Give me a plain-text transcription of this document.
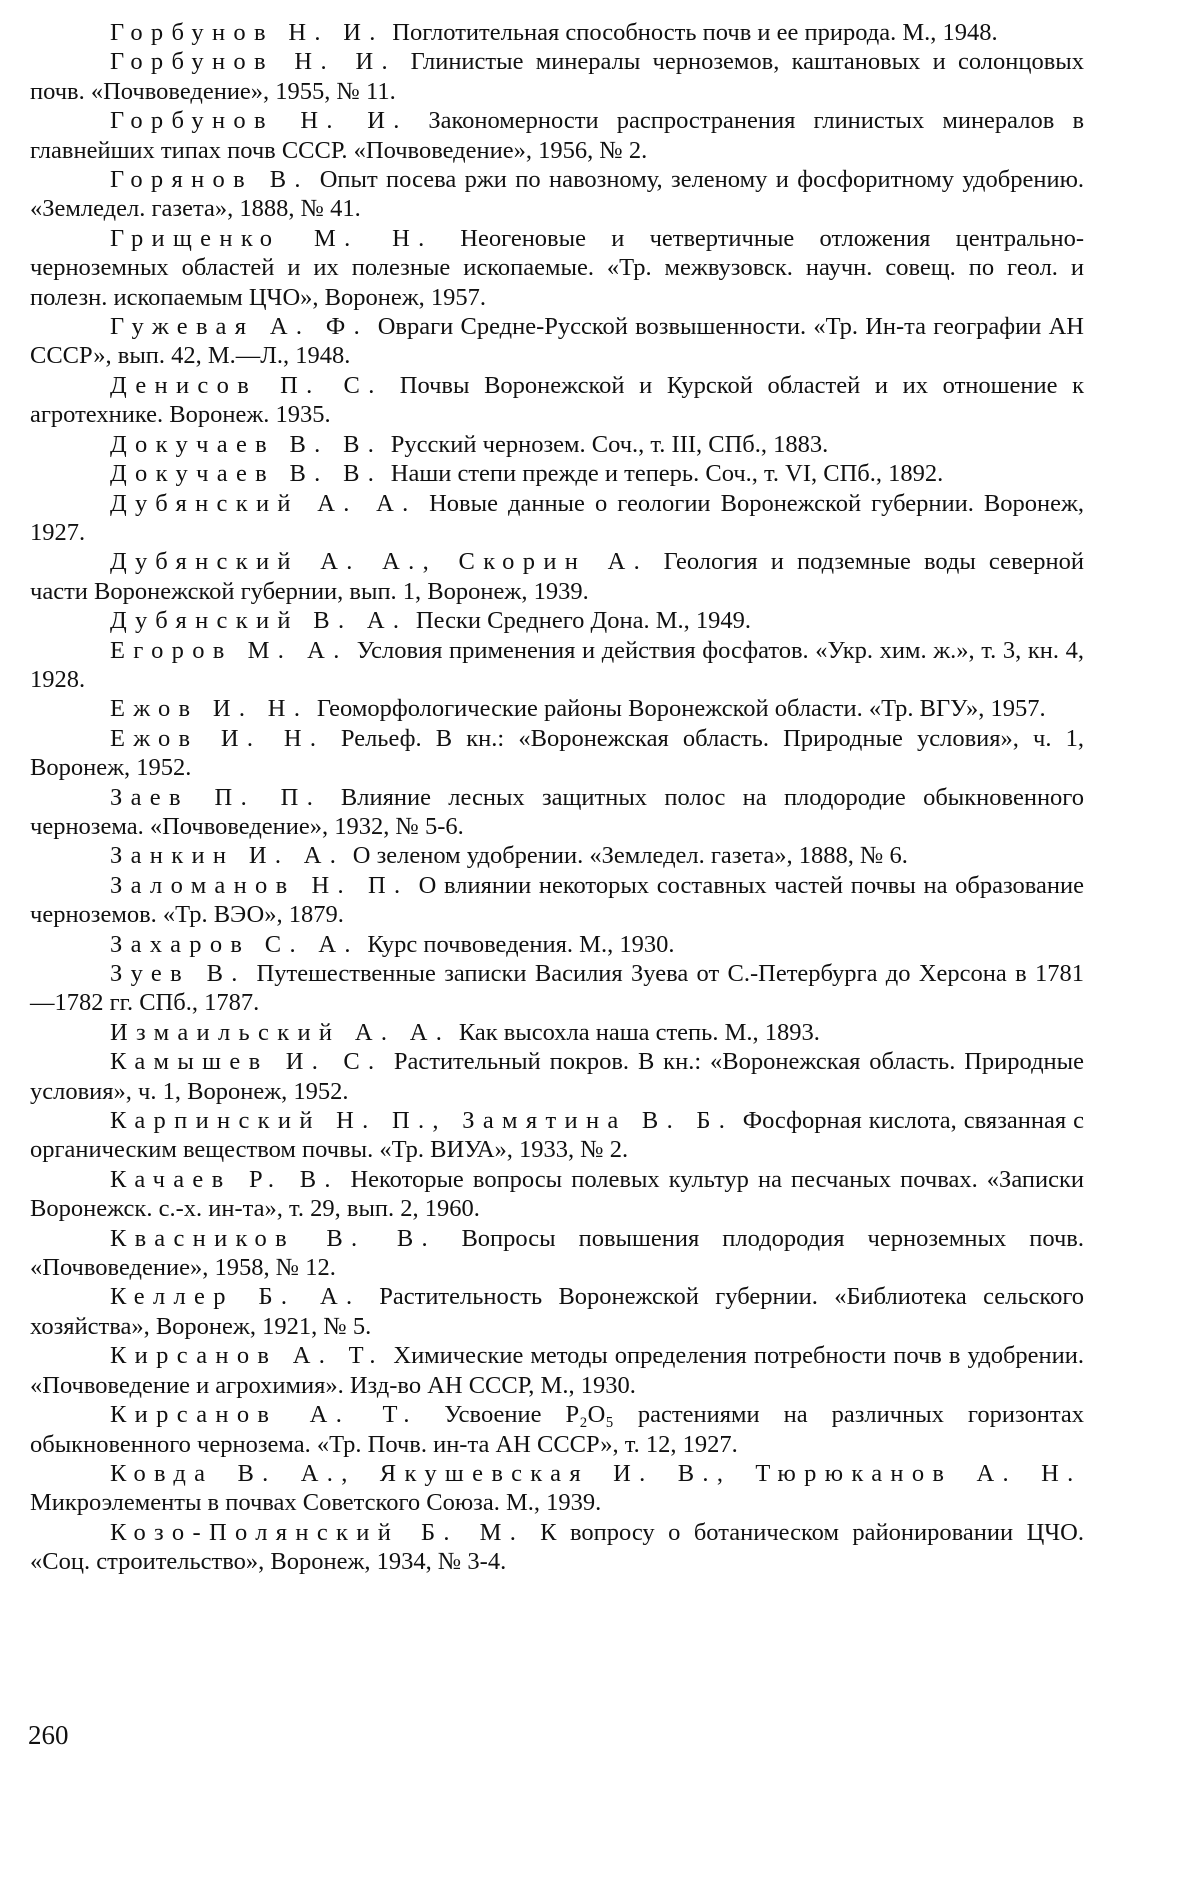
Горбунов Н. И. Поглотительная способность почв и ее природа. М., 1948.

Горбунов Н. И. Глинистые минералы черноземов, каштановых и солонцовых почв. «Почвоведение», 1955, № 11.

Горбунов Н. И. Закономерности распространения глинистых минералов в главнейших типах почв СССР. «Почвоведение», 1956, № 2.

Горянов В. Опыт посева ржи по навозному, зеленому и фосфоритному удобрению. «Земледел. газета», 1888, № 41.

Грищенко М. Н. Неогеновые и четвертичные отложения центрально-черноземных областей и их полезные ископаемые. «Тр. межвузовск. научн. совещ. по геол. и полезн. ископаемым ЦЧО», Воронеж, 1957.

Гужевая А. Ф. Овраги Средне-Русской возвышенности. «Тр. Ин-та географии АН СССР», вып. 42, М.—Л., 1948.

Денисов П. С. Почвы Воронежской и Курской областей и их отношение к агротехнике. Воронеж. 1935.

Докучаев В. В. Русский чернозем. Соч., т. III, СПб., 1883.

Докучаев В. В. Наши степи прежде и теперь. Соч., т. VI, СПб., 1892.

Дубянский А. А. Новые данные о геологии Воронежской губернии. Воронеж, 1927.

Дубянский А. А., Скорин А. Геология и подземные воды северной части Воронежской губернии, вып. 1, Воронеж, 1939.

Дубянский В. А. Пески Среднего Дона. М., 1949.

Егоров М. А. Условия применения и действия фосфатов. «Укр. хим. ж.», т. 3, кн. 4, 1928.

Ежов И. Н. Геоморфологические районы Воронежской области. «Тр. ВГУ», 1957.

Ежов И. Н. Рельеф. В кн.: «Воронежская область. Природные условия», ч. 1, Воронеж, 1952.

Заев П. П. Влияние лесных защитных полос на плодородие обыкновенного чернозема. «Почвоведение», 1932, № 5-6.

Занкин И. А. О зеленом удобрении. «Земледел. газета», 1888, № 6.

Заломанов Н. П. О влиянии некоторых составных частей почвы на образование черноземов. «Тр. ВЭО», 1879.

Захаров С. А. Курс почвоведения. М., 1930.

Зуев В. Путешественные записки Василия Зуева от С.-Петербурга до Херсона в 1781—1782 гг. СПб., 1787.

Измаильский А. А. Как высохла наша степь. М., 1893.

Камышев И. С. Растительный покров. В кн.: «Воронежская область. Природные условия», ч. 1, Воронеж, 1952.

Карпинский Н. П., Замятина В. Б. Фосфорная кислота, связанная с органическим веществом почвы. «Тр. ВИУА», 1933, № 2.

Качаев Р. В. Некоторые вопросы полевых культур на песчаных почвах. «Записки Воронежск. с.-х. ин-та», т. 29, вып. 2, 1960.

Квасников В. В. Вопросы повышения плодородия черноземных почв. «Почвоведение», 1958, № 12.

Келлер Б. А. Растительность Воронежской губернии. «Библиотека сельского хозяйства», Воронеж, 1921, № 5.

Кирсанов А. Т. Химические методы определения потребности почв в удобрении. «Почвоведение и агрохимия». Изд-во АН СССР, М., 1930.

Кирсанов А. Т. Усвоение P₂O₅ растениями на различных горизонтах обыкновенного чернозема. «Тр. Почв. ин-та АН СССР», т. 12, 1927.

Ковда В. А., Якушевская И. В., Тюрюканов А. Н. Микроэлементы в почвах Советского Союза. М., 1939.

Козо-Полянский Б. М. К вопросу о ботаническом районировании ЦЧО. «Соц. строительство», Воронеж, 1934, № 3-4.

260
